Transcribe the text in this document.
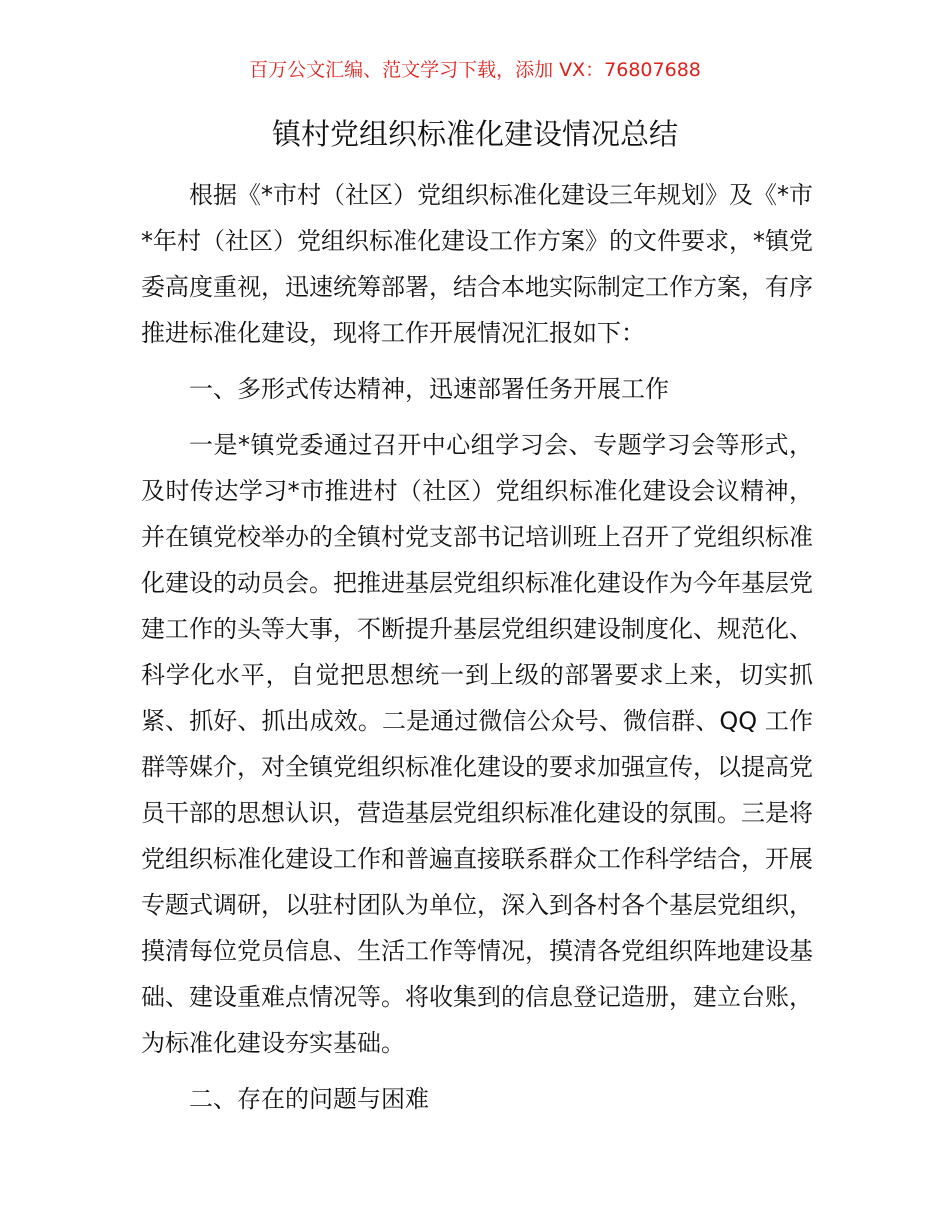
百万公文汇编、范文学习下载，添加 VX：76807688
镇村党组织标准化建设情况总结

根据《*市村（社区）党组织标准化建设三年规划》及《*市*年村（社区）党组织标准化建设工作方案》的文件要求，*镇党委高度重视，迅速统筹部署，结合本地实际制定工作方案，有序推进标准化建设，现将工作开展情况汇报如下：

一、多形式传达精神，迅速部署任务开展工作

一是*镇党委通过召开中心组学习会、专题学习会等形式，及时传达学习*市推进村（社区）党组织标准化建设会议精神，并在镇党校举办的全镇村党支部书记培训班上召开了党组织标准化建设的动员会。把推进基层党组织标准化建设作为今年基层党建工作的头等大事，不断提升基层党组织建设制度化、规范化、科学化水平，自觉把思想统一到上级的部署要求上来，切实抓紧、抓好、抓出成效。二是通过微信公众号、微信群、QQ 工作群等媒介，对全镇党组织标准化建设的要求加强宣传，以提高党员干部的思想认识，营造基层党组织标准化建设的氛围。三是将党组织标准化建设工作和普遍直接联系群众工作科学结合，开展专题式调研，以驻村团队为单位，深入到各村各个基层党组织，摸清每位党员信息、生活工作等情况，摸清各党组织阵地建设基础、建设重难点情况等。将收集到的信息登记造册，建立台账，为标准化建设夯实基础。

二、存在的问题与困难
